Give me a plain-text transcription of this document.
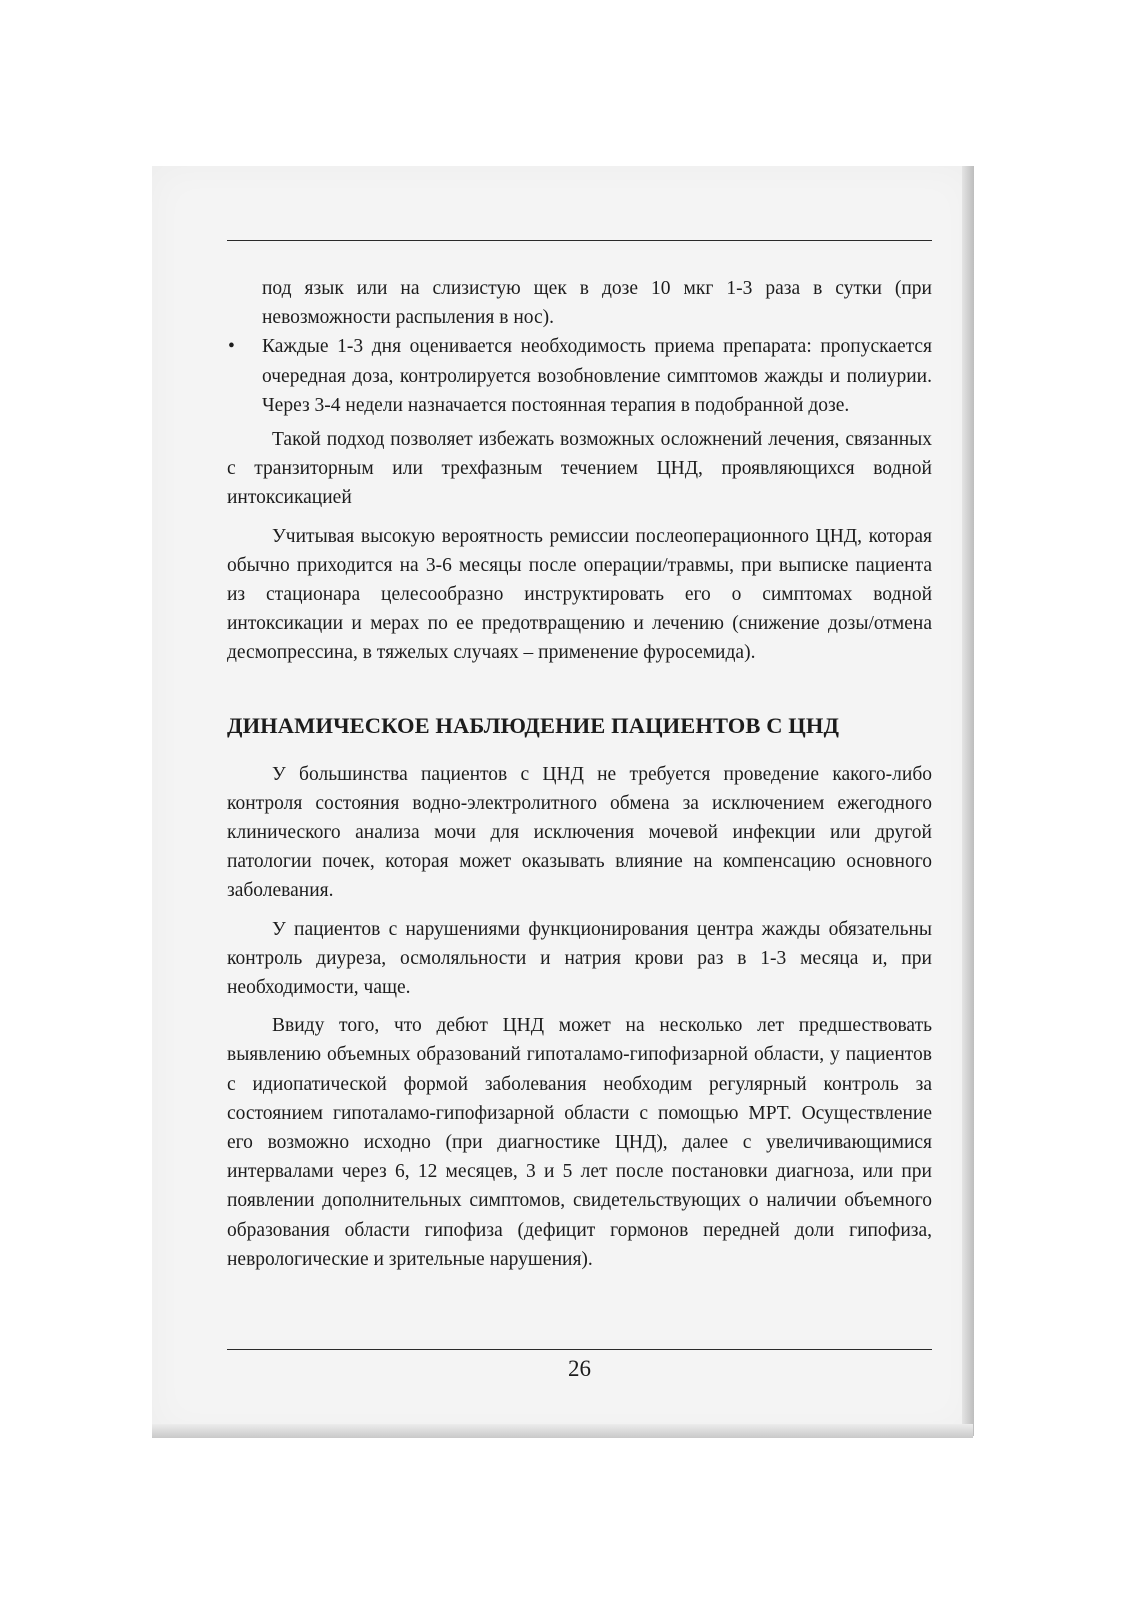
под язык или на слизистую щек в дозе 10 мкг 1-3 раза в сутки (при невозможности распыления в нос).

•	Каждые 1-3 дня оценивается необходимость приема препарата: пропускается очередная доза, контролируется возобновление симптомов жажды и полиурии. Через 3-4 недели назначается постоянная терапия в подобранной дозе.

Такой подход позволяет избежать возможных осложнений лечения, связанных с транзиторным или трехфазным течением ЦНД, проявляющихся водной интоксикацией

Учитывая высокую вероятность ремиссии послеоперационного ЦНД, которая обычно приходится на 3-6 месяцы после операции/травмы, при выписке пациента из стационара целесообразно инструктировать его о симптомах водной интоксикации и мерах по ее предотвращению и лечению (снижение дозы/отмена десмопрессина, в тяжелых случаях – применение фуросемида).

ДИНАМИЧЕСКОЕ НАБЛЮДЕНИЕ ПАЦИЕНТОВ С ЦНД

У большинства пациентов с ЦНД не требуется проведение какого-либо контроля состояния водно-электролитного обмена за исключением ежегодного клинического анализа мочи для исключения мочевой инфекции или другой патологии почек, которая может оказывать влияние на компенсацию основного заболевания.

У пациентов с нарушениями функционирования центра жажды обязательны контроль диуреза, осмоляльности и натрия крови раз в 1-3 месяца и, при необходимости, чаще.

Ввиду того, что дебют ЦНД может на несколько лет предшествовать выявлению объемных образований гипоталамо-гипофизарной области, у пациентов с идиопатической формой заболевания необходим регулярный контроль за состоянием гипоталамо-гипофизарной области с помощью МРТ. Осуществление его возможно исходно (при диагностике ЦНД), далее с увеличивающимися интервалами через 6, 12 месяцев, 3 и 5 лет после постановки диагноза, или при появлении дополнительных симптомов, свидетельствующих о наличии объемного образования области гипофиза (дефицит гормонов передней доли гипофиза, неврологические и зрительные нарушения).

26
